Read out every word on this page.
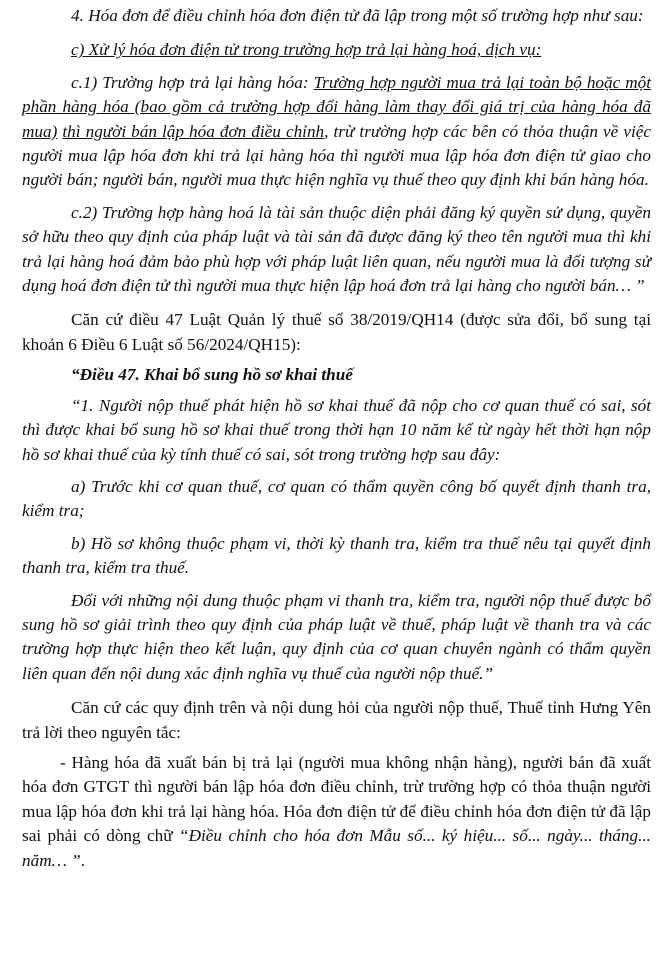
4. Hóa đơn để điều chỉnh hóa đơn điện tử đã lập trong một số trường hợp như sau:

c) Xử lý hóa đơn điện tử trong trường hợp trả lại hàng hoá, dịch vụ:

c.1) Trường hợp trả lại hàng hóa: Trường hợp người mua trả lại toàn bộ hoặc một phần hàng hóa (bao gồm cả trường hợp đổi hàng làm thay đổi giá trị của hàng hóa đã mua) thì người bán lập hóa đơn điều chỉnh, trừ trường hợp các bên có thỏa thuận về việc người mua lập hóa đơn khi trả lại hàng hóa thì người mua lập hóa đơn điện tử giao cho người bán; người bán, người mua thực hiện nghĩa vụ thuế theo quy định khi bán hàng hóa.

c.2) Trường hợp hàng hoá là tài sản thuộc diện phải đăng ký quyền sử dụng, quyền sở hữu theo quy định của pháp luật và tài sản đã được đăng ký theo tên người mua thì khi trả lại hàng hoá đảm bảo phù hợp với pháp luật liên quan, nếu người mua là đối tượng sử dụng hoá đơn điện tử thì người mua thực hiện lập hoá đơn trả lại hàng cho người bán… ”

Căn cứ điều 47 Luật Quản lý thuế số 38/2019/QH14 (được sửa đổi, bổ sung tại khoản 6 Điều 6 Luật số 56/2024/QH15):

“Điều 47. Khai bổ sung hồ sơ khai thuế

“1. Người nộp thuế phát hiện hồ sơ khai thuế đã nộp cho cơ quan thuế có sai, sót thì được khai bổ sung hồ sơ khai thuế trong thời hạn 10 năm kể từ ngày hết thời hạn nộp hồ sơ khai thuế của kỳ tính thuế có sai, sót trong trường hợp sau đây:

a) Trước khi cơ quan thuế, cơ quan có thẩm quyền công bố quyết định thanh tra, kiểm tra;

b) Hồ sơ không thuộc phạm vi, thời kỳ thanh tra, kiểm tra thuế nêu tại quyết định thanh tra, kiểm tra thuế.

Đối với những nội dung thuộc phạm vi thanh tra, kiểm tra, người nộp thuế được bổ sung hồ sơ giải trình theo quy định của pháp luật về thuế, pháp luật về thanh tra và các trường hợp thực hiện theo kết luận, quy định của cơ quan chuyên ngành có thẩm quyền liên quan đến nội dung xác định nghĩa vụ thuế của người nộp thuế.”

Căn cứ các quy định trên và nội dung hỏi của người nộp thuế, Thuế tỉnh Hưng Yên trả lời theo nguyên tắc:

- Hàng hóa đã xuất bán bị trả lại (người mua không nhận hàng), người bán đã xuất hóa đơn GTGT thì người bán lập hóa đơn điều chỉnh, trừ trường hợp có thỏa thuận người mua lập hóa đơn khi trả lại hàng hóa. Hóa đơn điện tử để điều chỉnh hóa đơn điện tử đã lập sai phải có dòng chữ “Điều chỉnh cho hóa đơn Mẫu số... ký hiệu... số... ngày... tháng... năm… ”.
